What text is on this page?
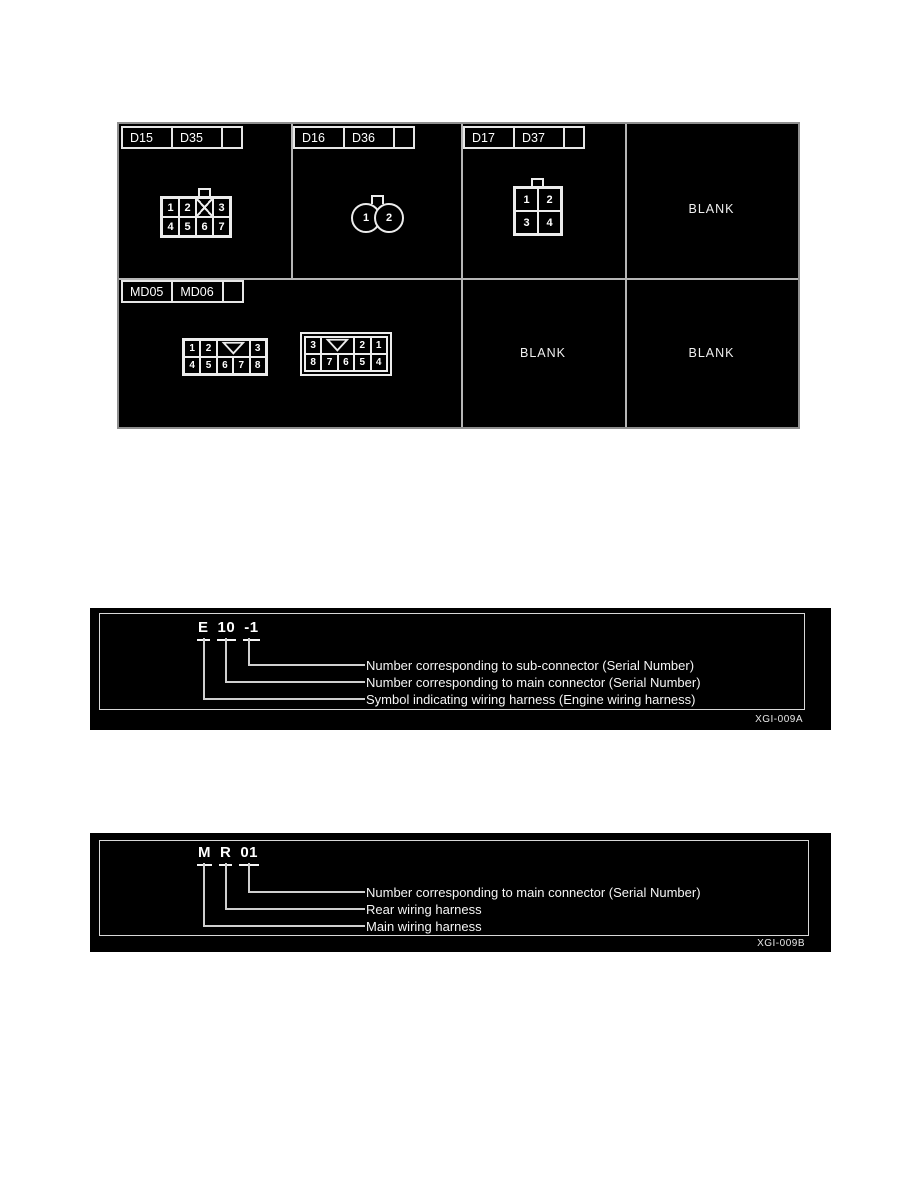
D15	D35
1 2	3
4 5 6 7
D16	D36
1	2
D17	D37
1	2
3	4
BLANK
MD05	MD06
1	2	3
4	5	6	7	8
3	2	1
8	7	6	5	4
BLANK	BLANK
E 10 -1
Number corresponding to sub-connector (Serial Number)
Number corresponding to main connector (Serial Number)
Symbol indicating wiring harness (Engine wiring harness)
XGI-009A
M R 01
Number corresponding to main connector (Serial Number)
Rear wiring harness
Main wiring harness
XGI-009B
